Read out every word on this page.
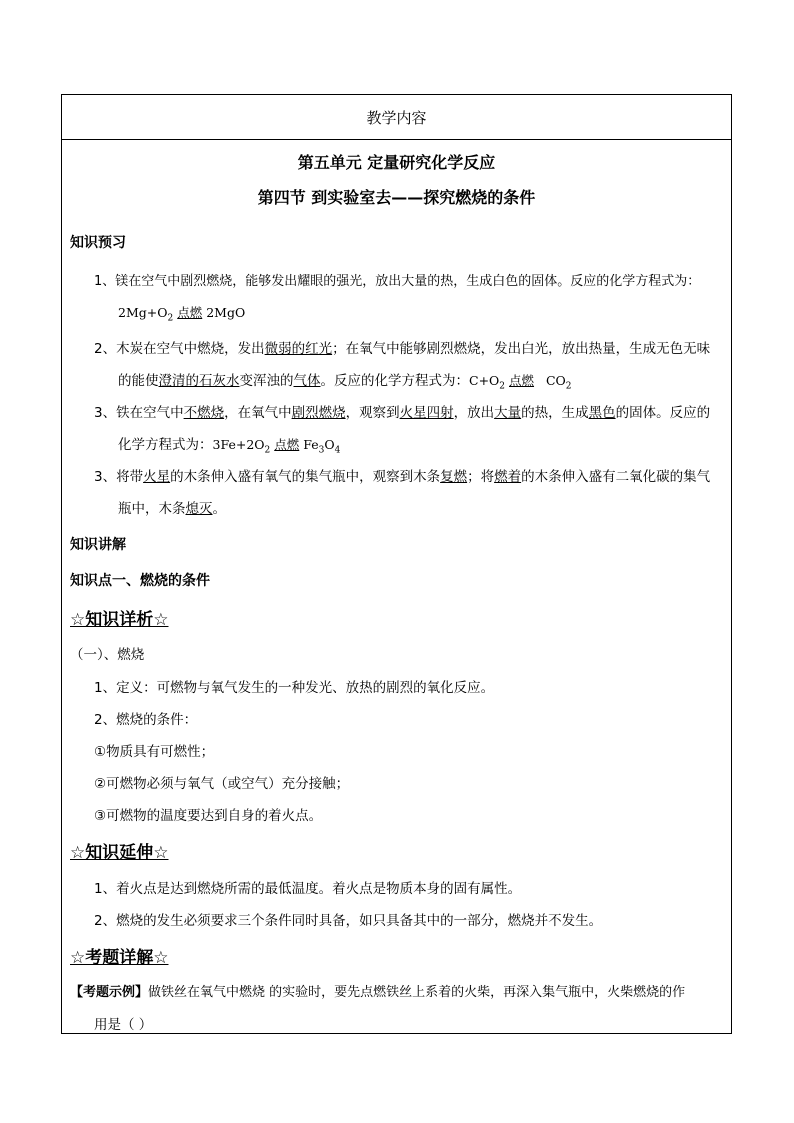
教学内容
第五单元 定量研究化学反应
第四节 到实验室去——探究燃烧的条件
知识预习
1、镁在空气中剧烈燃烧，能够发出耀眼的强光，放出大量的热，生成白色的固体。反应的化学方程式为：
$2Mg+O_2$ 点燃 2MgO
2、木炭在空气中燃烧，发出微弱的红光；在氧气中能够剧烈燃烧，发出白光，放出热量，生成无色无味
的能使澄清的石灰水变浑浊的气体。反应的化学方程式为：$C+O_2$ 点燃 $CO_2$
3、铁在空气中不燃烧，在氧气中剧烈燃烧，观察到火星四射，放出大量的热，生成黑色的固体。反应的
化学方程式为：$3Fe+2O_2$ 点燃 $Fe_3O_4$
3、将带火星的木条伸入盛有氧气的集气瓶中，观察到木条复燃；将燃着的木条伸入盛有二氧化碳的集气
瓶中，木条熄灭。
知识讲解
知识点一、燃烧的条件
☆知识详析☆
（一）、燃烧
1、定义：可燃物与氧气发生的一种发光、放热的剧烈的氧化反应。
2、燃烧的条件：
①物质具有可燃性；
②可燃物必须与氧气（或空气）充分接触；
③可燃物的温度要达到自身的着火点。
☆知识延伸☆
1、着火点是达到燃烧所需的最低温度。着火点是物质本身的固有属性。
2、燃烧的发生必须要求三个条件同时具备，如只具备其中的一部分，燃烧并不发生。
☆考题详解☆
【考题示例】做铁丝在氧气中燃烧 的实验时，要先点燃铁丝上系着的火柴，再深入集气瓶中，火柴燃烧的作
用是（ ）
